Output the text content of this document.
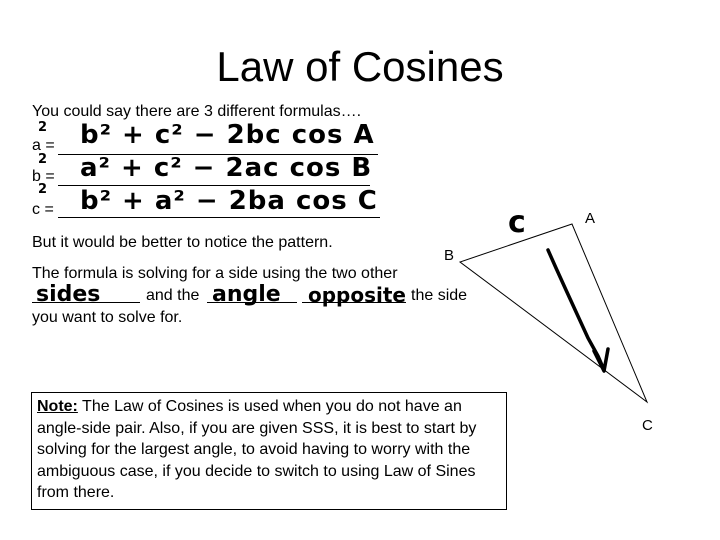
Law of Cosines
You could say there are 3 different formulas….
2
a = b² + c² − 2bc cos A
2
b = a² + c² − 2ac cos B
2
c = b² + a² − 2ba cos C
But it would be better to notice the pattern.
The formula is solving for a side using the two other
sides	and the angle opposite the side
you want to solve for.

Note: The Law of Cosines is used when you do not have an angle-side pair. Also, if you are given SSS, it is best to start by solving for the largest angle, to avoid having to worry with the ambiguous case, if you decide to switch to using Law of Sines from there.

A
B
C
c
